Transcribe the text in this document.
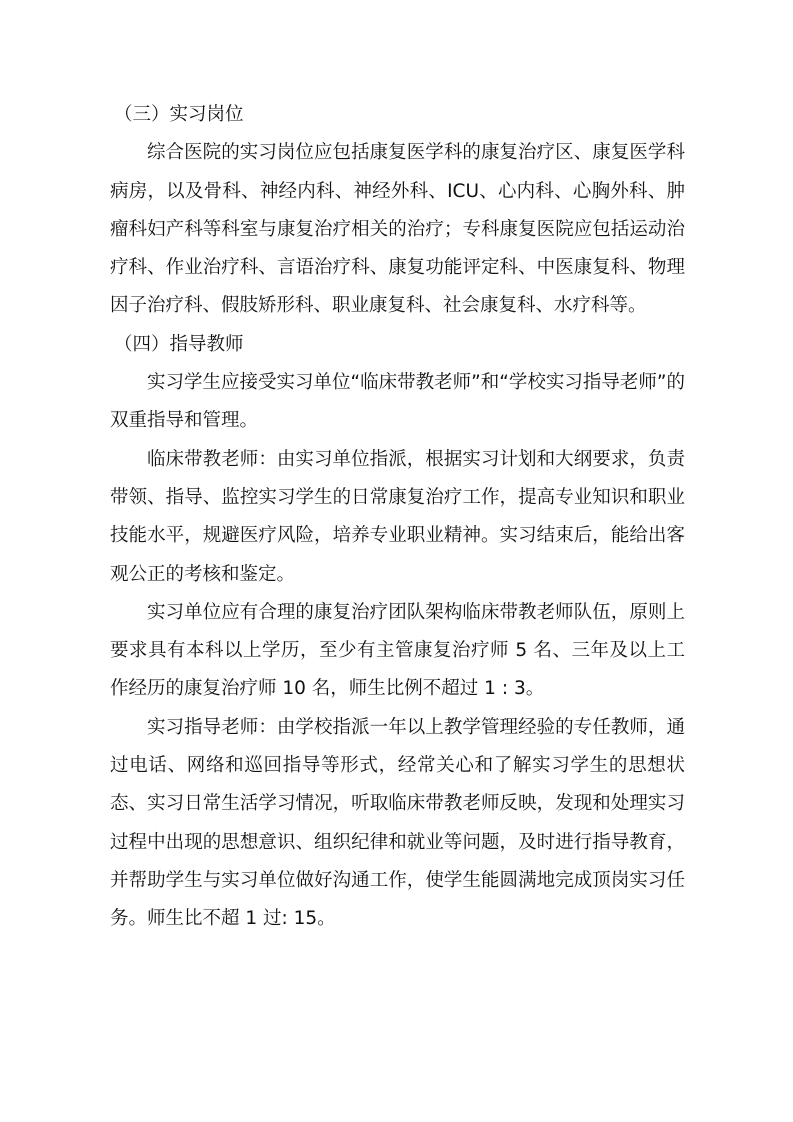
（三）实习岗位

综合医院的实习岗位应包括康复医学科的康复治疗区、康复医学科病房，以及骨科、神经内科、神经外科、ICU、心内科、心胸外科、肿瘤科妇产科等科室与康复治疗相关的治疗；专科康复医院应包括运动治疗科、作业治疗科、言语治疗科、康复功能评定科、中医康复科、物理因子治疗科、假肢矫形科、职业康复科、社会康复科、水疗科等。

（四）指导教师

实习学生应接受实习单位“临床带教老师”和“学校实习指导老师”的双重指导和管理。

临床带教老师：由实习单位指派，根据实习计划和大纲要求，负责带领、指导、监控实习学生的日常康复治疗工作，提高专业知识和职业技能水平，规避医疗风险，培养专业职业精神。实习结束后，能给出客观公正的考核和鉴定。

实习单位应有合理的康复治疗团队架构临床带教老师队伍，原则上要求具有本科以上学历，至少有主管康复治疗师 5 名、三年及以上工作经历的康复治疗师 10 名，师生比例不超过 1 : 3。

实习指导老师：由学校指派一年以上教学管理经验的专任教师，通过电话、网络和巡回指导等形式，经常关心和了解实习学生的思想状态、实习日常生活学习情况，听取临床带教老师反映，发现和处理实习过程中出现的思想意识、组织纪律和就业等问题，及时进行指导教育，并帮助学生与实习单位做好沟通工作，使学生能圆满地完成顶岗实习任务。师生比不超 1 过: 15。
